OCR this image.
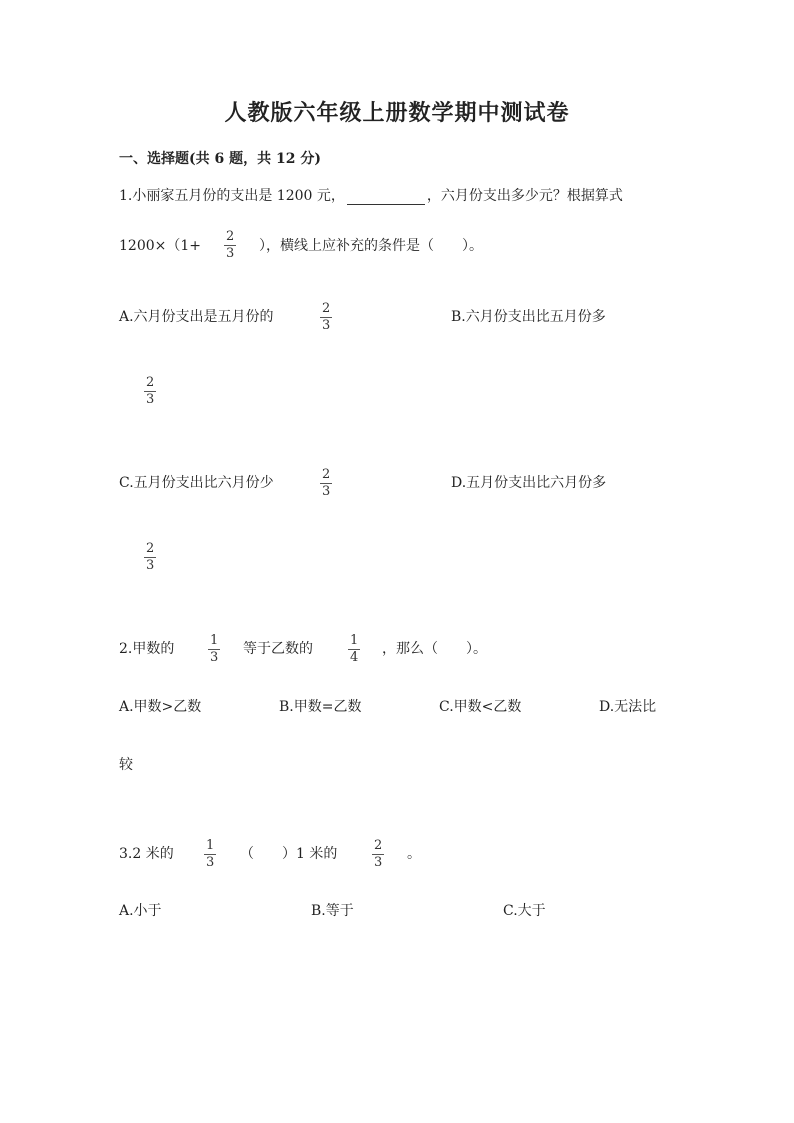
人教版六年级上册数学期中测试卷
一、选择题(共 6 题，共 12 分)
1.小丽家五月份的支出是 1200 元，	，六月份支出多少元？根据算式
1200×（1+
2
3 ），横线上应补充的条件是（　　）。
A.六月份支出是五月份的
2
3
B.六月份支出比五月份多
2
3
C.五月份支出比六月份少
2
3
D.五月份支出比六月份多
2
3
2.甲数的
1
3
等于乙数的
1
4
，那么（　　）。
A.甲数>乙数	B.甲数=乙数	C.甲数<乙数	D.无法比
较
3.2 米的
1
3
（　　）1 米的
2
3
。
A.小于	B.等于	C.大于
